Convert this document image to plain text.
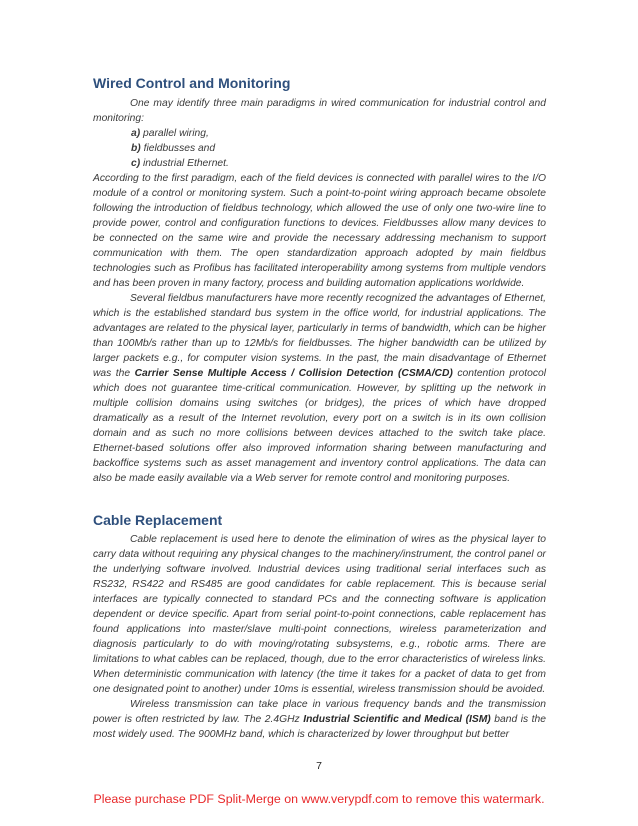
Wired Control and Monitoring

One may identify three main paradigms in wired communication for industrial control and monitoring:

a) parallel wiring,
b) fieldbusses and
c) industrial Ethernet.

According to the first paradigm, each of the field devices is connected with parallel wires to the I/O module of a control or monitoring system. Such a point-to-point wiring approach became obsolete following the introduction of fieldbus technology, which allowed the use of only one two-wire line to provide power, control and configuration functions to devices. Fieldbusses allow many devices to be connected on the same wire and provide the necessary addressing mechanism to support communication with them. The open standardization approach adopted by main fieldbus technologies such as Profibus has facilitated interoperability among systems from multiple vendors and has been proven in many factory, process and building automation applications worldwide.

Several fieldbus manufacturers have more recently recognized the advantages of Ethernet, which is the established standard bus system in the office world, for industrial applications. The advantages are related to the physical layer, particularly in terms of bandwidth, which can be higher than 100Mb/s rather than up to 12Mb/s for fieldbusses. The higher bandwidth can be utilized by larger packets e.g., for computer vision systems. In the past, the main disadvantage of Ethernet was the Carrier Sense Multiple Access / Collision Detection (CSMA/CD) contention protocol which does not guarantee time-critical communication. However, by splitting up the network in multiple collision domains using switches (or bridges), the prices of which have dropped dramatically as a result of the Internet revolution, every port on a switch is in its own collision domain and as such no more collisions between devices attached to the switch take place. Ethernet-based solutions offer also improved information sharing between manufacturing and backoffice systems such as asset management and inventory control applications. The data can also be made easily available via a Web server for remote control and monitoring purposes.

Cable Replacement

Cable replacement is used here to denote the elimination of wires as the physical layer to carry data without requiring any physical changes to the machinery/instrument, the control panel or the underlying software involved. Industrial devices using traditional serial interfaces such as RS232, RS422 and RS485 are good candidates for cable replacement. This is because serial interfaces are typically connected to standard PCs and the connecting software is application dependent or device specific. Apart from serial point-to-point connections, cable replacement has found applications into master/slave multi-point connections, wireless parameterization and diagnosis particularly to do with moving/rotating subsystems, e.g., robotic arms. There are limitations to what cables can be replaced, though, due to the error characteristics of wireless links. When deterministic communication with latency (the time it takes for a packet of data to get from one designated point to another) under 10ms is essential, wireless transmission should be avoided.

Wireless transmission can take place in various frequency bands and the transmission power is often restricted by law. The 2.4GHz Industrial Scientific and Medical (ISM) band is the most widely used. The 900MHz band, which is characterized by lower throughput but better

7
Please purchase PDF Split-Merge on www.verypdf.com to remove this watermark.
